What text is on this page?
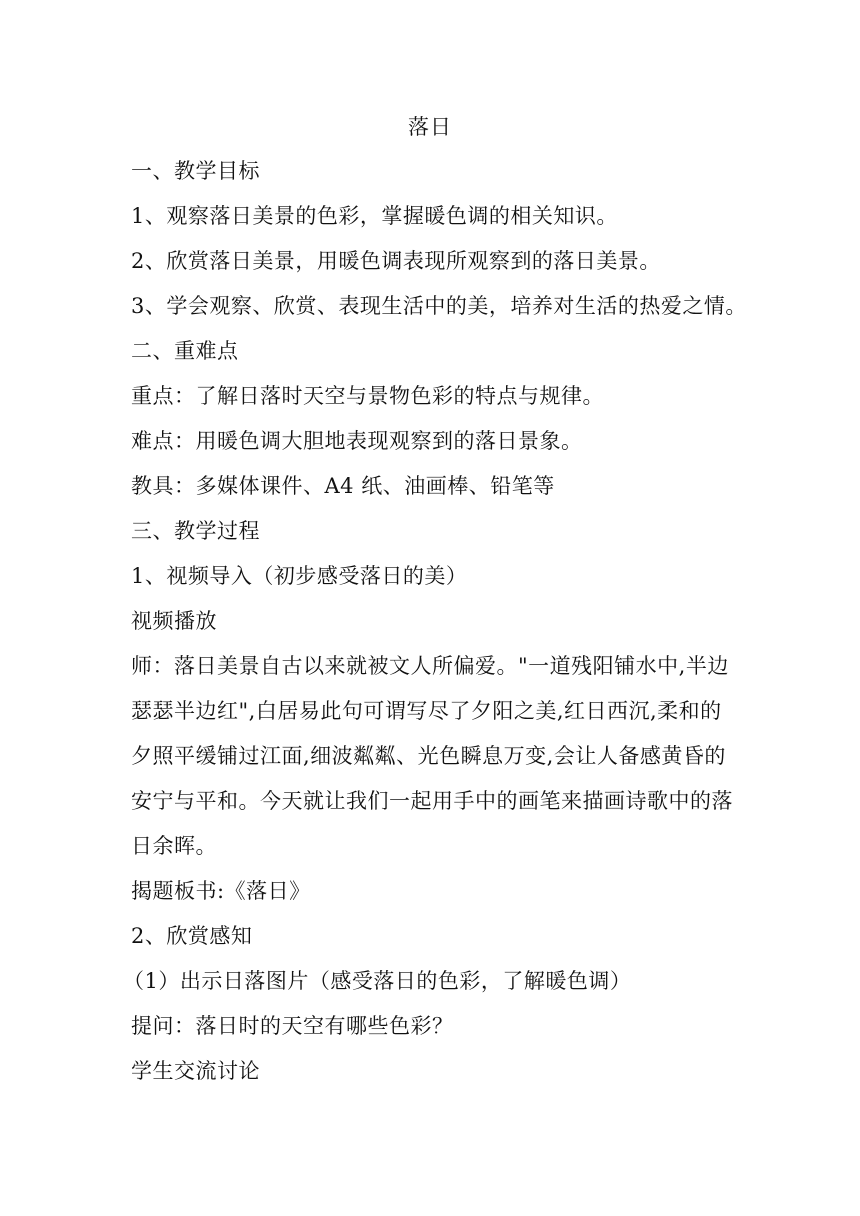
落日
一、教学目标
1、观察落日美景的色彩，掌握暖色调的相关知识。
2、欣赏落日美景，用暖色调表现所观察到的落日美景。
3、学会观察、欣赏、表现生活中的美，培养对生活的热爱之情。
二、重难点
重点：了解日落时天空与景物色彩的特点与规律。
难点：用暖色调大胆地表现观察到的落日景象。
教具：多媒体课件、A4 纸、油画棒、铅笔等
三、教学过程
1、视频导入（初步感受落日的美）
视频播放
师：落日美景自古以来就被文人所偏爱。"一道残阳铺水中,半边
瑟瑟半边红",白居易此句可谓写尽了夕阳之美,红日西沉,柔和的
夕照平缓铺过江面,细波粼粼、光色瞬息万变,会让人备感黄昏的
安宁与平和。今天就让我们一起用手中的画笔来描画诗歌中的落
日余晖。
揭题板书:《落日》
2、欣赏感知
（1）出示日落图片（感受落日的色彩，了解暖色调）
提问：落日时的天空有哪些色彩？
学生交流讨论
